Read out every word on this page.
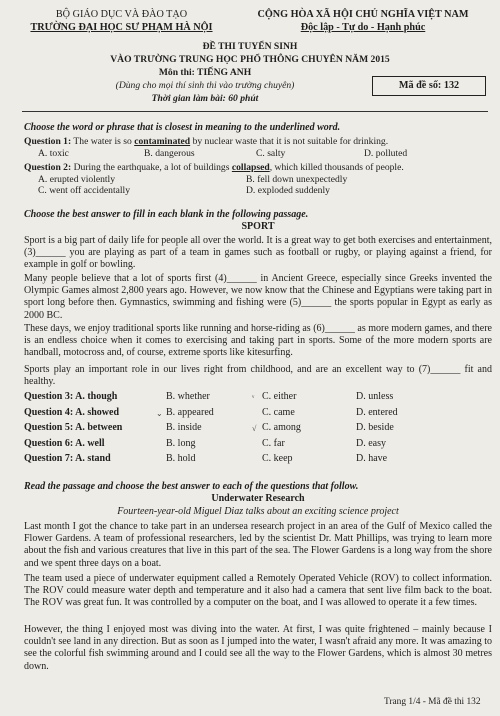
BỘ GIÁO DỤC VÀ ĐÀO TẠO
TRƯỜNG ĐẠI HỌC SƯ PHẠM HÀ NỘI
CỘNG HÒA XÃ HỘI CHỦ NGHĨA VIỆT NAM
Độc lập - Tự do - Hạnh phúc
ĐỀ THI TUYỂN SINH
VÀO TRƯỜNG TRUNG HỌC PHỔ THÔNG CHUYÊN NĂM 2015
Môn thi: TIẾNG ANH
(Dùng cho mọi thí sinh thi vào trường chuyên)
Thời gian làm bài: 60 phút
Mã đề số: 132
Choose the word or phrase that is closest in meaning to the underlined word.
Question 1: The water is so contaminated by nuclear waste that it is not suitable for drinking.
A. toxic	B. dangerous	C. salty	D. polluted
Question 2: During the earthquake, a lot of buildings collapsed, which killed thousands of people.
A. erupted violently	B. fell down unexpectedly
C. went off accidentally	D. exploded suddenly
Choose the best answer to fill in each blank in the following passage.
SPORT
Sport is a big part of daily life for people all over the world. It is a great way to get both exercises and entertainment, (3)______ you are playing as part of a team in games such as football or rugby, or playing against a friend, for example in golf or bowling.
Many people believe that a lot of sports first (4)______ in Ancient Greece, especially since Greeks invented the Olympic Games almost 2,800 years ago. However, we now know that the Chinese and Egyptians were taking part in sport long before then. Gymnastics, swimming and fishing were (5)______ the sports popular in Egypt as early as 2000 BC.
These days, we enjoy traditional sports like running and horse-riding as (6)______ as more modern games, and there is an endless choice when it comes to exercising and taking part in sports. Some of the more modern sports are handball, motocross and, of course, extreme sports like kitesurfing.
Sports play an important role in our lives right from childhood, and are an excellent way to (7)______ fit and healthy.
Question 3: A. though	B. whether	C. either	D. unless
Question 4: A. showed	B. appeared	C. came	D. entered
Question 5: A. between	B. inside	C. among	D. beside
Question 6: A. well	B. long	C. far	D. easy
Question 7: A. stand	B. hold	C. keep	D. have
⌄
ᵛ
√
Read the passage and choose the best answer to each of the questions that follow.
Underwater Research
Fourteen-year-old Miguel Diaz talks about an exciting science project
Last month I got the chance to take part in an undersea research project in an area of the Gulf of Mexico called the Flower Gardens. A team of professional researchers, led by the scientist Dr. Matt Phillips, was trying to learn more about the fish and various creatures that live in this part of the sea. The Flower Gardens is a long way from the shore and we spent three days on a boat.
The team used a piece of underwater equipment called a Remotely Operated Vehicle (ROV) to collect information. The ROV could measure water depth and temperature and it also had a camera that sent live film back to the boat. The ROV was great fun. It was controlled by a computer on the boat, and I was allowed to operate it a few times.
However, the thing I enjoyed most was diving into the water. At first, I was quite frightened – mainly because I couldn't see land in any direction. But as soon as I jumped into the water, I wasn't afraid any more. It was amazing to see the colorful fish swimming around and I could see all the way to the Flower Gardens, which is almost 30 metres down.
Trang 1/4 - Mã đề thi 132
